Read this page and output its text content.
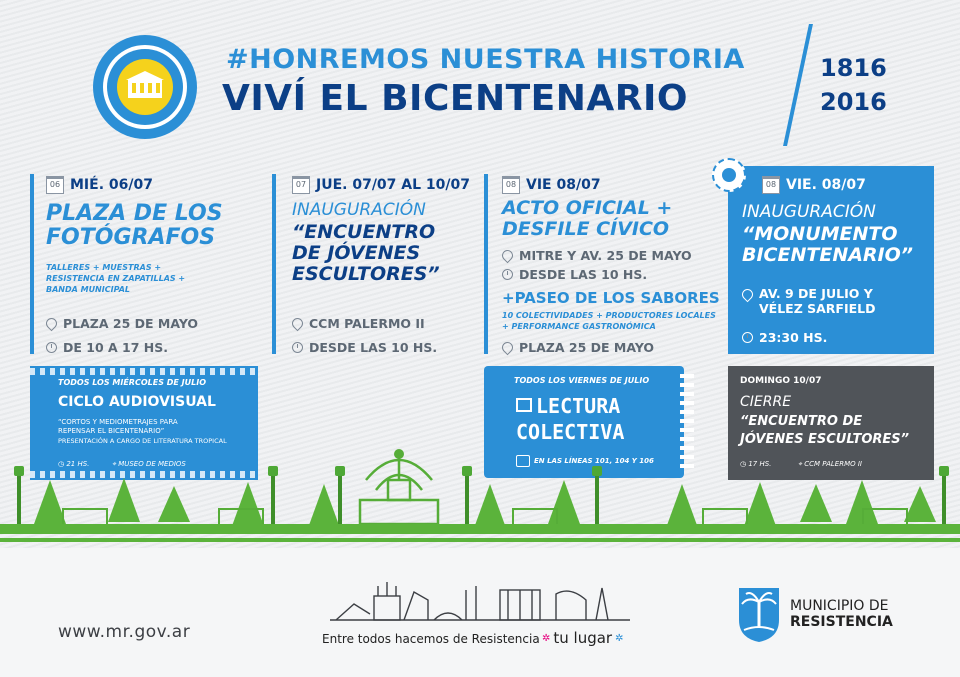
#HONREMOS NUESTRA HISTORIA
VIVÍ EL BICENTENARIO
1816
2016
06 MIÉ. 06/07
PLAZA DE LOS FOTÓGRAFOS
TALLERES + MUESTRAS +
RESISTENCIA EN ZAPATILLAS +
BANDA MUNICIPAL
PLAZA 25 DE MAYO
DE 10 A 17 HS.
07 JUE. 07/07 AL 10/07
INAUGURACIÓN
“ENCUENTRO DE JÓVENES ESCULTORES”
CCM PALERMO II
DESDE LAS 10 HS.
08 VIE 08/07
ACTO OFICIAL + DESFILE CÍVICO
MITRE Y AV. 25 DE MAYO
DESDE LAS 10 HS.
+PASEO DE LOS SABORES
10 COLECTIVIDADES + PRODUCTORES LOCALES
+ PERFORMANCE GASTRONÓMICA
PLAZA 25 DE MAYO
08 VIE. 08/07
INAUGURACIÓN
“MONUMENTO BICENTENARIO”
AV. 9 DE JULIO Y
VÉLEZ SARFIELD
23:30 HS.
TODOS LOS MIÉRCOLES DE JULIO
CICLO AUDIOVISUAL
“CORTOS Y MEDIOMETRAJES PARA
REPENSAR EL BICENTENARIO”
PRESENTACIÓN A CARGO DE LITERATURA TROPICAL
◷ 21 HS.	⌖ MUSEO DE MEDIOS
TODOS LOS VIERNES DE JULIO
LECTURA
COLECTIVA
EN LAS LÍNEAS 101, 104 Y 106
DOMINGO 10/07
CIERRE
“ENCUENTRO DE
JÓVENES ESCULTORES”
◷ 17 HS.	⌖ CCM PALERMO II
www.mr.gov.ar	Entre todos hacemos de Resistencia ✲ tu lugar ✲
MUNICIPIO DE
RESISTENCIA
